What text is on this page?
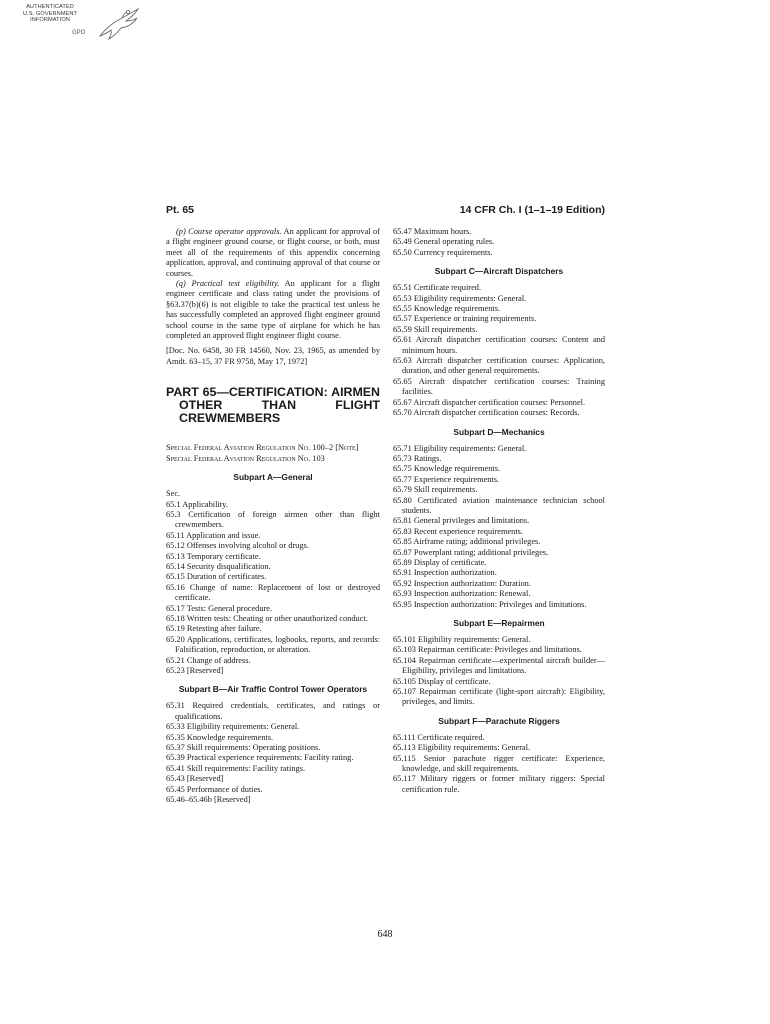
AUTHENTICATED
U.S. GOVERNMENT
INFORMATION
GPO
Pt. 65	14 CFR Ch. I (1–1–19 Edition)

(p) Course operator approvals. An applicant for approval of a flight engineer ground course, or flight course, or both, must meet all of the requirements of this appendix concerning application, approval, and continuing approval of that course or courses.

(q) Practical test eligibility. An applicant for a flight engineer certificate and class rating under the provisions of §63.37(b)(6) is not eligible to take the practical test unless he has successfully completed an approved flight engineer ground school course in the same type of airplane for which he has completed an approved flight engineer flight course.

[Doc. No. 6458, 30 FR 14560, Nov. 23, 1965, as amended by Amdt. 63–15, 37 FR 9758, May 17, 1972]

PART 65—CERTIFICATION: AIRMEN OTHER THAN FLIGHT CREWMEMBERS
Special Federal Aviation Regulation No. 100–2 [Note]
Special Federal Aviation Regulation No. 103
Subpart A—General
Sec.
65.1 Applicability.
65.3 Certification of foreign airmen other than flight crewmembers.
65.11 Application and issue.
65.12 Offenses involving alcohol or drugs.
65.13 Temporary certificate.
65.14 Security disqualification.
65.15 Duration of certificates.
65.16 Change of name: Replacement of lost or destroyed certificate.
65.17 Tests: General procedure.
65.18 Written tests: Cheating or other unauthorized conduct.
65.19 Retesting after failure.
65.20 Applications, certificates, logbooks, reports, and records: Falsification, reproduction, or alteration.
65.21 Change of address.
65.23 [Reserved]
Subpart B—Air Traffic Control Tower Operators
65.31 Required credentials, certificates, and ratings or qualifications.
65.33 Eligibility requirements: General.
65.35 Knowledge requirements.
65.37 Skill requirements: Operating positions.
65.39 Practical experience requirements: Facility rating.
65.41 Skill requirements: Facility ratings.
65.43 [Reserved]
65.45 Performance of duties.
65.46–65.46b [Reserved]
65.47 Maximum hours.
65.49 General operating rules.
65.50 Currency requirements.
Subpart C—Aircraft Dispatchers
65.51 Certificate required.
65.53 Eligibility requirements: General.
65.55 Knowledge requirements.
65.57 Experience or training requirements.
65.59 Skill requirements.
65.61 Aircraft dispatcher certification courses: Content and minimum hours.
65.63 Aircraft dispatcher certification courses: Application, duration, and other general requirements.
65.65 Aircraft dispatcher certification courses: Training facilities.
65.67 Aircraft dispatcher certification courses: Personnel.
65.70 Aircraft dispatcher certification courses: Records.
Subpart D—Mechanics
65.71 Eligibility requirements: General.
65.73 Ratings.
65.75 Knowledge requirements.
65.77 Experience requirements.
65.79 Skill requirements.
65.80 Certificated aviation maintenance technician school students.
65.81 General privileges and limitations.
65.83 Recent experience requirements.
65.85 Airframe rating; additional privileges.
65.87 Powerplant rating; additional privileges.
65.89 Display of certificate.
65.91 Inspection authorization.
65.92 Inspection authorization: Duration.
65.93 Inspection authorization: Renewal.
65.95 Inspection authorization: Privileges and limitations.
Subpart E—Repairmen
65.101 Eligibility requirements: General.
65.103 Repairman certificate: Privileges and limitations.
65.104 Repairman certificate—experimental aircraft builder—Eligibility, privileges and limitations.
65.105 Display of certificate.
65.107 Repairman certificate (light-sport aircraft): Eligibility, privileges, and limits.
Subpart F—Parachute Riggers
65.111 Certificate required.
65.113 Eligibility requirements: General.
65.115 Senior parachute rigger certificate: Experience, knowledge, and skill requirements.
65.117 Military riggers or former military riggers: Special certification rule.
648
